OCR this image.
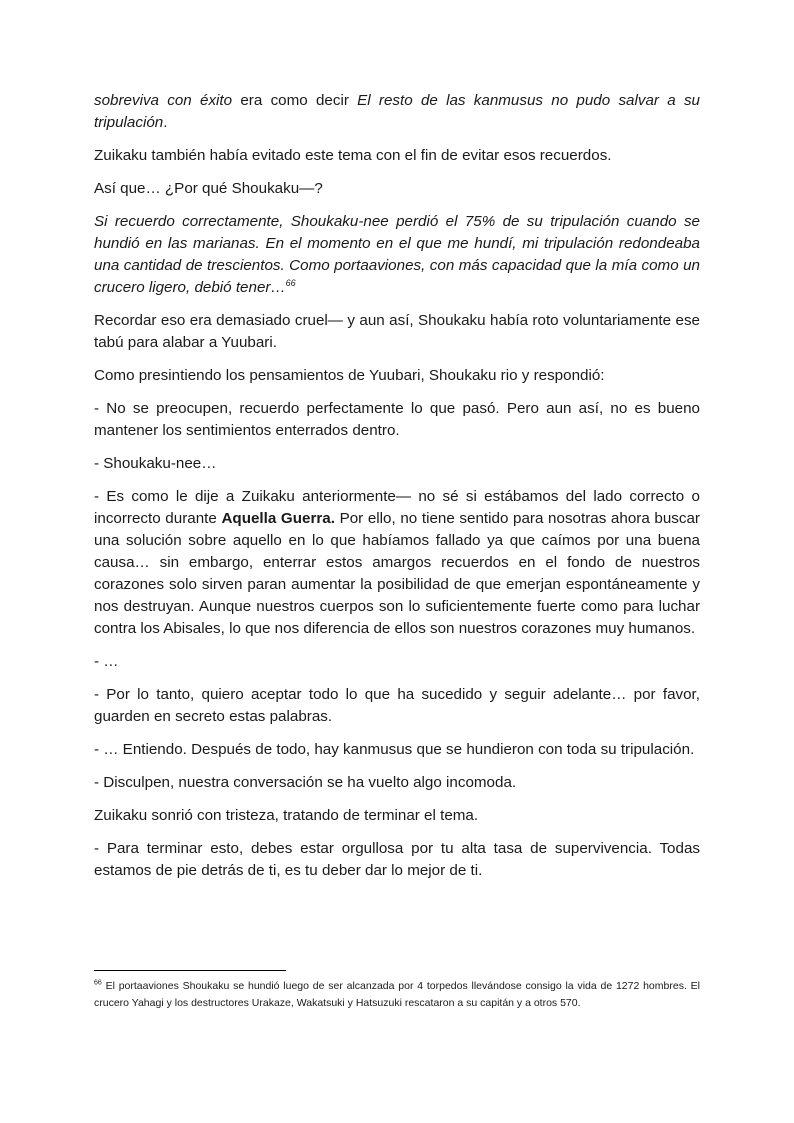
sobreviva con éxito era como decir El resto de las kanmusus no pudo salvar a su tripulación.

Zuikaku también había evitado este tema con el fin de evitar esos recuerdos.

Así que… ¿Por qué Shoukaku—?

Si recuerdo correctamente, Shoukaku-nee perdió el 75% de su tripulación cuando se hundió en las marianas. En el momento en el que me hundí, mi tripulación redondeaba una cantidad de trescientos. Como portaaviones, con más capacidad que la mía como un crucero ligero, debió tener…$^{66}$

Recordar eso era demasiado cruel— y aun así, Shoukaku había roto voluntariamente ese tabú para alabar a Yuubari.

Como presintiendo los pensamientos de Yuubari, Shoukaku rio y respondió:

- No se preocupen, recuerdo perfectamente lo que pasó. Pero aun así, no es bueno mantener los sentimientos enterrados dentro.

- Shoukaku-nee…

- Es como le dije a Zuikaku anteriormente— no sé si estábamos del lado correcto o incorrecto durante Aquella Guerra. Por ello, no tiene sentido para nosotras ahora buscar una solución sobre aquello en lo que habíamos fallado ya que caímos por una buena causa… sin embargo, enterrar estos amargos recuerdos en el fondo de nuestros corazones solo sirven paran aumentar la posibilidad de que emerjan espontáneamente y nos destruyan. Aunque nuestros cuerpos son lo suficientemente fuerte como para luchar contra los Abisales, lo que nos diferencia de ellos son nuestros corazones muy humanos.

- …

- Por lo tanto, quiero aceptar todo lo que ha sucedido y seguir adelante… por favor, guarden en secreto estas palabras.

- … Entiendo. Después de todo, hay kanmusus que se hundieron con toda su tripulación.

- Disculpen, nuestra conversación se ha vuelto algo incomoda.

Zuikaku sonrió con tristeza, tratando de terminar el tema.

- Para terminar esto, debes estar orgullosa por tu alta tasa de supervivencia. Todas estamos de pie detrás de ti, es tu deber dar lo mejor de ti.

$^{66}$ El portaaviones Shoukaku se hundió luego de ser alcanzada por 4 torpedos llevándose consigo la vida de 1272 hombres. El crucero Yahagi y los destructores Urakaze, Wakatsuki y Hatsuzuki rescataron a su capitán y a otros 570.
